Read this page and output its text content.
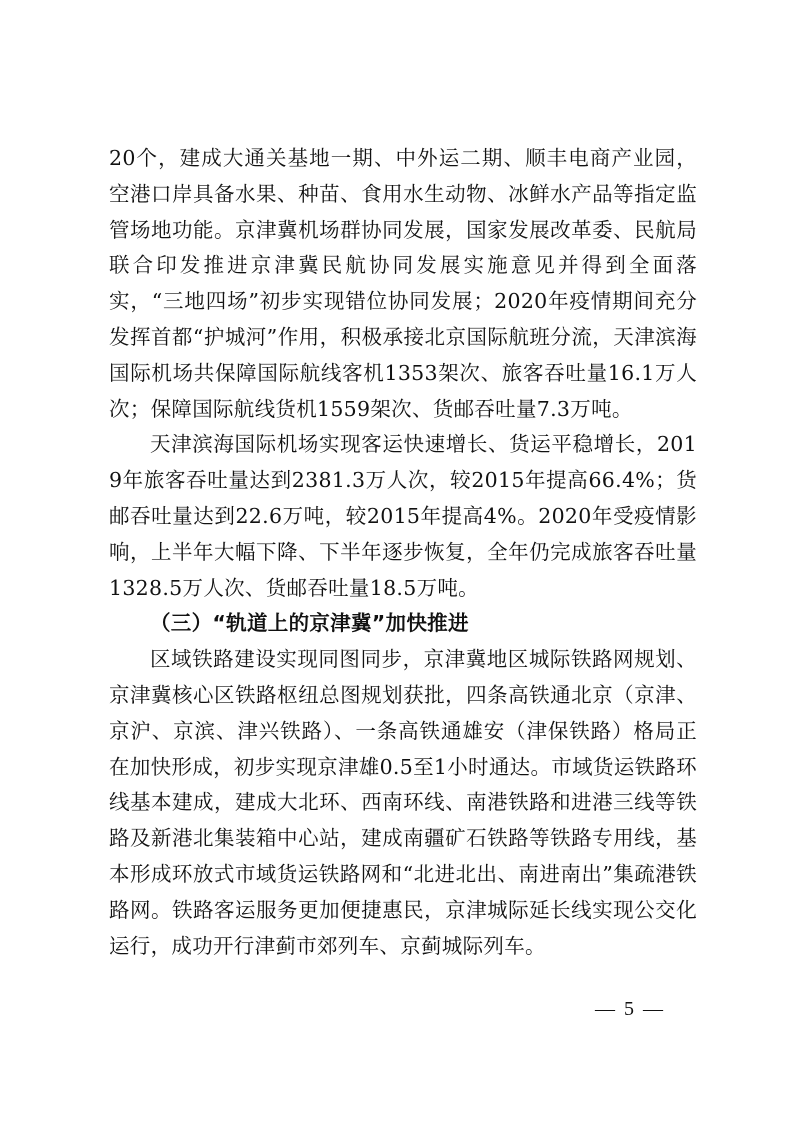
20个，建成大通关基地一期、中外运二期、顺丰电商产业园，空港口岸具备水果、种苗、食用水生动物、冰鲜水产品等指定监管场地功能。京津冀机场群协同发展，国家发展改革委、民航局联合印发推进京津冀民航协同发展实施意见并得到全面落实，“三地四场”初步实现错位协同发展；2020年疫情期间充分发挥首都“护城河”作用，积极承接北京国际航班分流，天津滨海国际机场共保障国际航线客机1353架次、旅客吞吐量16.1万人次；保障国际航线货机1559架次、货邮吞吐量7.3万吨。

天津滨海国际机场实现客运快速增长、货运平稳增长，2019年旅客吞吐量达到2381.3万人次，较2015年提高66.4%；货邮吞吐量达到22.6万吨，较2015年提高4%。2020年受疫情影响，上半年大幅下降、下半年逐步恢复，全年仍完成旅客吞吐量1328.5万人次、货邮吞吐量18.5万吨。

（三）“轨道上的京津冀”加快推进

区域铁路建设实现同图同步，京津冀地区城际铁路网规划、京津冀核心区铁路枢纽总图规划获批，四条高铁通北京（京津、京沪、京滨、津兴铁路）、一条高铁通雄安（津保铁路）格局正在加快形成，初步实现京津雄0.5至1小时通达。市域货运铁路环线基本建成，建成大北环、西南环线、南港铁路和进港三线等铁路及新港北集装箱中心站，建成南疆矿石铁路等铁路专用线，基本形成环放式市域货运铁路网和“北进北出、南进南出”集疏港铁路网。铁路客运服务更加便捷惠民，京津城际延长线实现公交化运行，成功开行津蓟市郊列车、京蓟城际列车。

— 5 —
